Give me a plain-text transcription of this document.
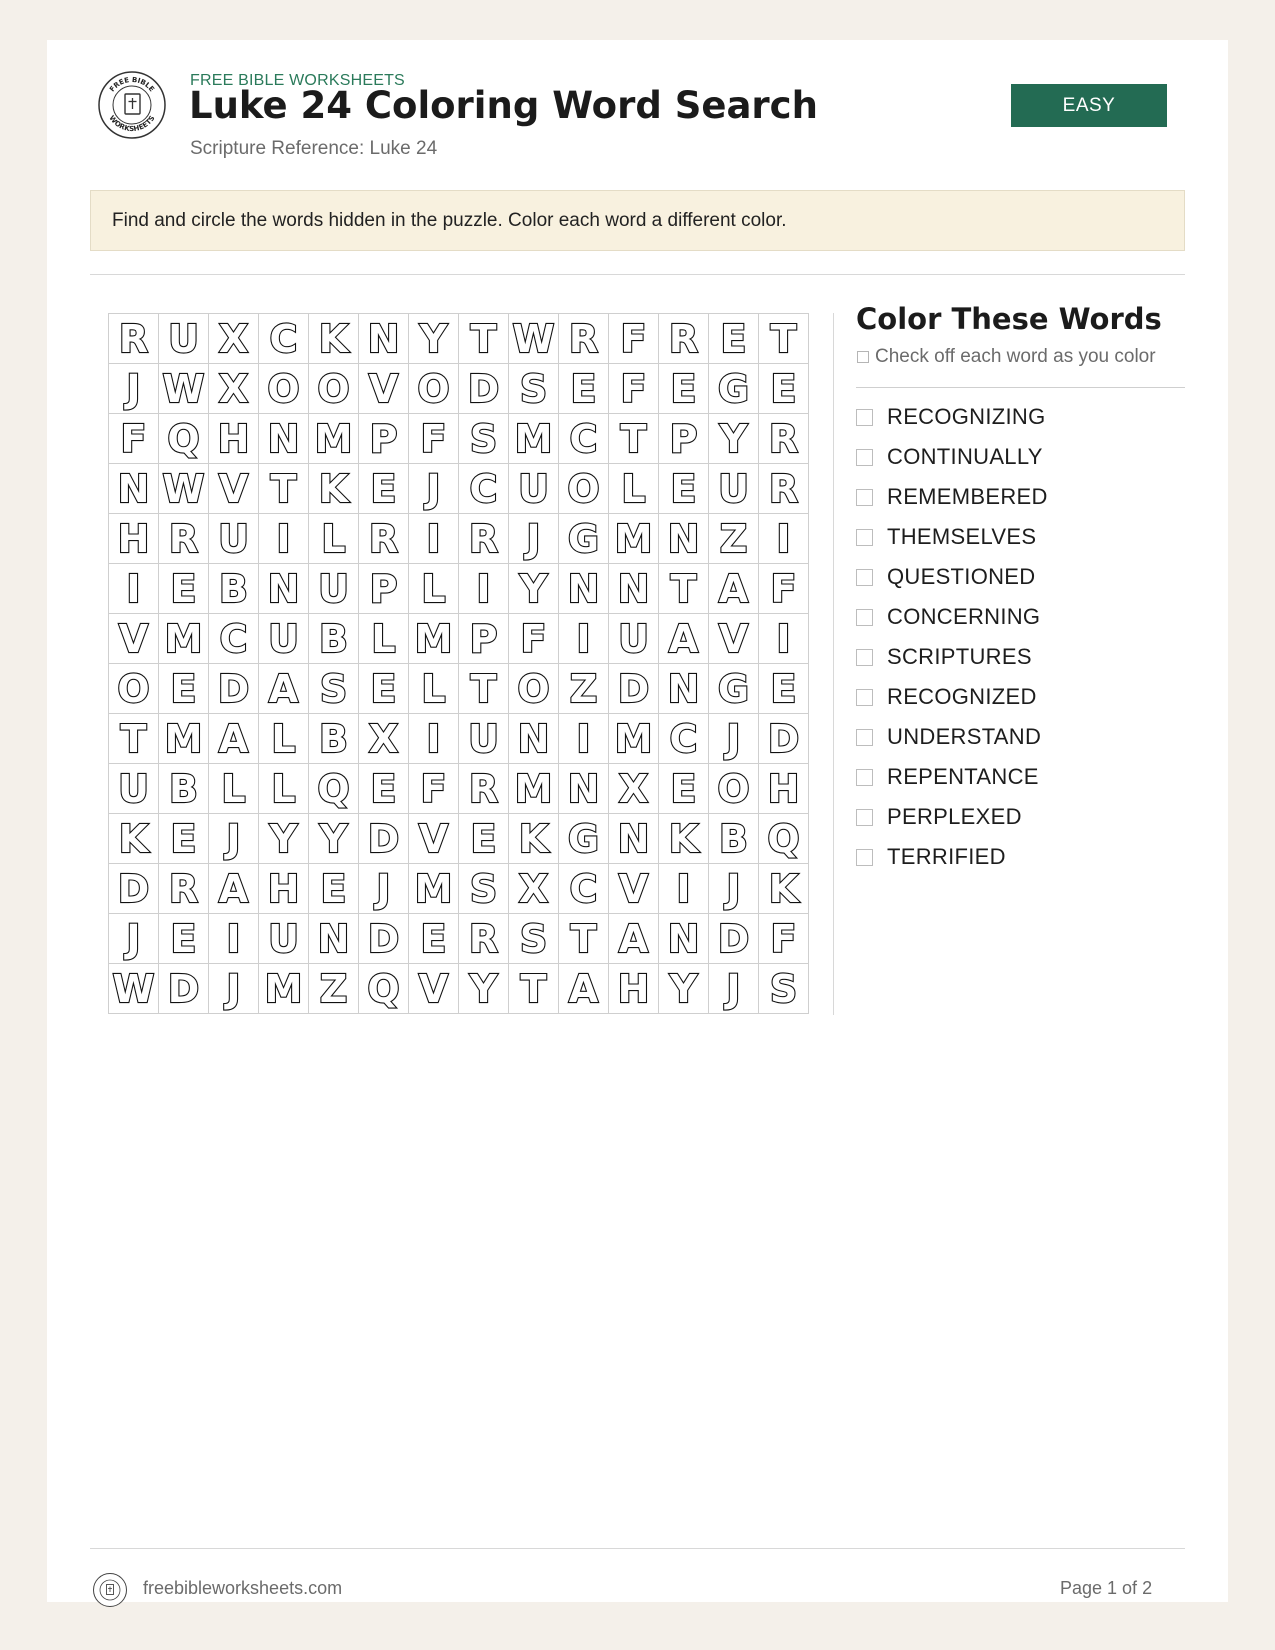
FREE BIBLE
WORKSHEETS
FREE BIBLE WORKSHEETS
Luke 24 Coloring Word Search
Scripture Reference: Luke 24
EASY
Find and circle the words hidden in the puzzle. Color each word a different color.
R U X C K N Y T W R F R E T
J W X O O V O D S E F E G E
F Q H N M P F S M C T P Y R
N W V T K E J C U O L E U R
H R U I L R I R J G M N Z I
I E B N U P L I Y N N T A F
V M C U B L M P F I U A V I
O E D A S E L T O Z D N G E
T M A L B X I U N I M C J D
U B L L Q E F R M N X E O H
K E J Y Y D V E K G N K B Q
D R A H E J M S X C V I J K
J E I U N D E R S T A N D F
W D J M Z Q V Y T A H Y J S
Color These Words
Check off each word as you color
RECOGNIZING
CONTINUALLY
REMEMBERED
THEMSELVES
QUESTIONED
CONCERNING
SCRIPTURES
RECOGNIZED
UNDERSTAND
REPENTANCE
PERPLEXED
TERRIFIED
freebibleworksheets.com	Page 1 of 2
